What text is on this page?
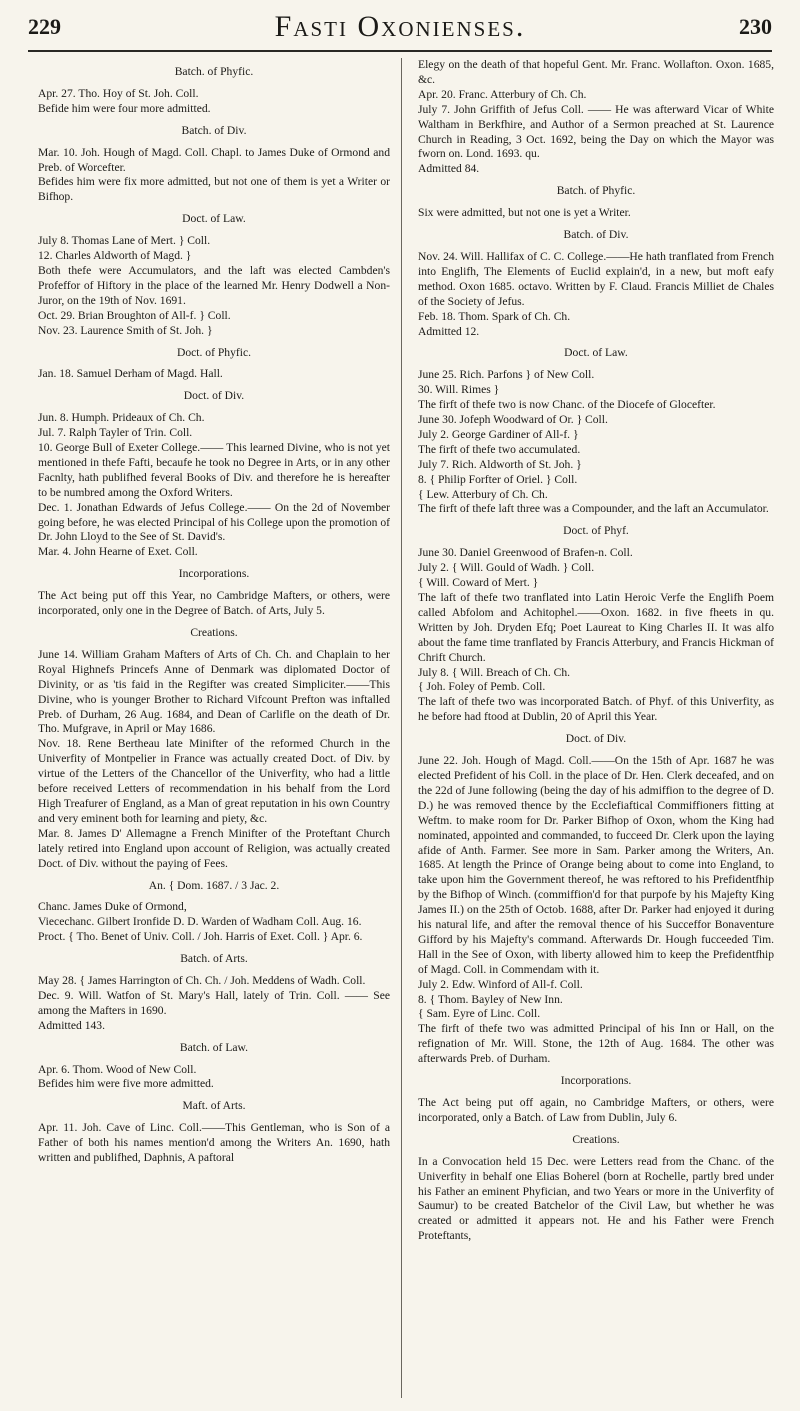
229	Fasti Oxonienses.	230
Batch. of Phyfic.

Apr. 27. Tho. Hoy of St. Joh. Coll.

Befide him were four more admitted.

Batch. of Div.

Mar. 10. Joh. Hough of Magd. Coll. Chapl. to James Duke of Ormond and Preb. of Worcefter.

Befides him were fix more admitted, but not one of them is yet a Writer or Bifhop.

Doct. of Law.

July 8. Thomas Lane of Mert. } Coll.

12. Charles Aldworth of Magd. }

Both thefe were Accumulators, and the laft was elected Cambden's Profeffor of Hiftory in the place of the learned Mr. Henry Dodwell a Non-Juror, on the 19th of Nov. 1691.

Oct. 29. Brian Broughton of All-f. } Coll.

Nov. 23. Laurence Smith of St. Joh. }

Doct. of Phyfic.

Jan. 18. Samuel Derham of Magd. Hall.

Doct. of Div.

Jun. 8. Humph. Prideaux of Ch. Ch.

Jul. 7. Ralph Tayler of Trin. Coll.

10. George Bull of Exeter College.—— This learned Divine, who is not yet mentioned in thefe Fafti, becaufe he took no Degree in Arts, or in any other Facnlty, hath publifhed feveral Books of Div. and therefore he is hereafter to be numbred among the Oxford Writers.

Dec. 1. Jonathan Edwards of Jefus College.—— On the 2d of November going before, he was elected Principal of his College upon the promotion of Dr. John Lloyd to the See of St. David's.

Mar. 4. John Hearne of Exet. Coll.

Incorporations.

The Act being put off this Year, no Cambridge Mafters, or others, were incorporated, only one in the Degree of Batch. of Arts, July 5.

Creations.

June 14. William Graham Mafters of Arts of Ch. Ch. and Chaplain to her Royal Highnefs Princefs Anne of Denmark was diplomated Doctor of Divinity, or as 'tis faid in the Regifter was created Simpliciter.——This Divine, who is younger Brother to Richard Vifcount Prefton was inftalled Preb. of Durham, 26 Aug. 1684, and Dean of Carlifle on the death of Dr. Tho. Mufgrave, in April or May 1686.

Nov. 18. Rene Bertheau late Minifter of the reformed Church in the Univerfity of Montpelier in France was actually created Doct. of Div. by virtue of the Letters of the Chancellor of the Univerfity, who had a little before received Letters of recommendation in his behalf from the Lord High Treafurer of England, as a Man of great reputation in his own Country and very eminent both for learning and piety, &c.

Mar. 8. James D' Allemagne a French Minifter of the Proteftant Church lately retired into England upon account of Religion, was actually created Doct. of Div. without the paying of Fees.

An. { Dom. 1687. / 3 Jac. 2.

Chanc. James Duke of Ormond,

Viecechanc. Gilbert Ironfide D. D. Warden of Wadham Coll. Aug. 16.

Proct. { Tho. Benet of Univ. Coll. / Joh. Harris of Exet. Coll. } Apr. 6.

Batch. of Arts.

May 28. { James Harrington of Ch. Ch. / Joh. Meddens of Wadh. Coll.

Dec. 9. Will. Watfon of St. Mary's Hall, lately of Trin. Coll. —— See among the Mafters in 1690.

Admitted 143.

Batch. of Law.

Apr. 6. Thom. Wood of New Coll.

Befides him were five more admitted.

Maft. of Arts.

Apr. 11. Joh. Cave of Linc. Coll.——This Gentleman, who is Son of a Father of both his names mention'd among the Writers An. 1690, hath written and publifhed, Daphnis, A paftoral

Elegy on the death of that hopeful Gent. Mr. Franc. Wollafton. Oxon. 1685, &c.

Apr. 20. Franc. Atterbury of Ch. Ch.

July 7. John Griffith of Jefus Coll. —— He was afterward Vicar of White Waltham in Berkfhire, and Author of a Sermon preached at St. Laurence Church in Reading, 3 Oct. 1692, being the Day on which the Mayor was fworn on. Lond. 1693. qu.

Admitted 84.

Batch. of Phyfic.

Six were admitted, but not one is yet a Writer.

Batch. of Div.

Nov. 24. Will. Hallifax of C. C. College.——He hath tranflated from French into Englifh, The Elements of Euclid explain'd, in a new, but moft eafy method. Oxon 1685. octavo. Written by F. Claud. Francis Milliet de Chales of the Society of Jefus.

Feb. 18. Thom. Spark of Ch. Ch.

Admitted 12.

Doct. of Law.

June 25. Rich. Parfons } of New Coll.

30. Will. Rimes }

The firft of thefe two is now Chanc. of the Diocefe of Glocefter.

June 30. Jofeph Woodward of Or. } Coll.

July 2. George Gardiner of All-f. }

The firft of thefe two accumulated.

July 7. Rich. Aldworth of St. Joh. }

8. { Philip Forfter of Oriel. } Coll.

{ Lew. Atterbury of Ch. Ch.

The firft of thefe laft three was a Compounder, and the laft an Accumulator.

Doct. of Phyf.

June 30. Daniel Greenwood of Brafen-n. Coll.

July 2. { Will. Gould of Wadh. } Coll.

{ Will. Coward of Mert. }

The laft of thefe two tranflated into Latin Heroic Verfe the Englifh Poem called Abfolom and Achitophel.——Oxon. 1682. in five fheets in qu. Written by Joh. Dryden Efq; Poet Laureat to King Charles II. It was alfo about the fame time tranflated by Francis Atterbury, and Francis Hickman of Chrift Church.

July 8. { Will. Breach of Ch. Ch.

{ Joh. Foley of Pemb. Coll.

The laft of thefe two was incorporated Batch. of Phyf. of this Univerfity, as he before had ftood at Dublin, 20 of April this Year.

Doct. of Div.

June 22. Joh. Hough of Magd. Coll.——On the 15th of Apr. 1687 he was elected Prefident of his Coll. in the place of Dr. Hen. Clerk deceafed, and on the 22d of June following (being the day of his admiffion to the degree of D. D.) he was removed thence by the Ecclefiaftical Commiffioners fitting at Weftm. to make room for Dr. Parker Bifhop of Oxon, whom the King had nominated, appointed and commanded, to fucceed Dr. Clerk upon the laying afide of Anth. Farmer. See more in Sam. Parker among the Writers, An. 1685. At length the Prince of Orange being about to come into England, to take upon him the Government thereof, he was reftored to his Prefidentfhip by the Bifhop of Winch. (commiffion'd for that purpofe by his Majefty King James II.) on the 25th of Octob. 1688, after Dr. Parker had enjoyed it during his natural life, and after the removal thence of his Succeffor Bonaventure Gifford by his Majefty's command. Afterwards Dr. Hough fucceeded Tim. Hall in the See of Oxon, with liberty allowed him to keep the Prefidentfhip of Magd. Coll. in Commendam with it.

July 2. Edw. Winford of All-f. Coll.

8. { Thom. Bayley of New Inn.

{ Sam. Eyre of Linc. Coll.

The firft of thefe two was admitted Principal of his Inn or Hall, on the refignation of Mr. Will. Stone, the 12th of Aug. 1684. The other was afterwards Preb. of Durham.

Incorporations.

The Act being put off again, no Cambridge Mafters, or others, were incorporated, only a Batch. of Law from Dublin, July 6.

Creations.

In a Convocation held 15 Dec. were Letters read from the Chanc. of the Univerfity in behalf one Elias Boherel (born at Rochelle, partly bred under his Father an eminent Phyfician, and two Years or more in the Univerfity of Saumur) to be created Batchelor of the Civil Law, but whether he was created or admitted it appears not. He and his Father were French Proteftants,
